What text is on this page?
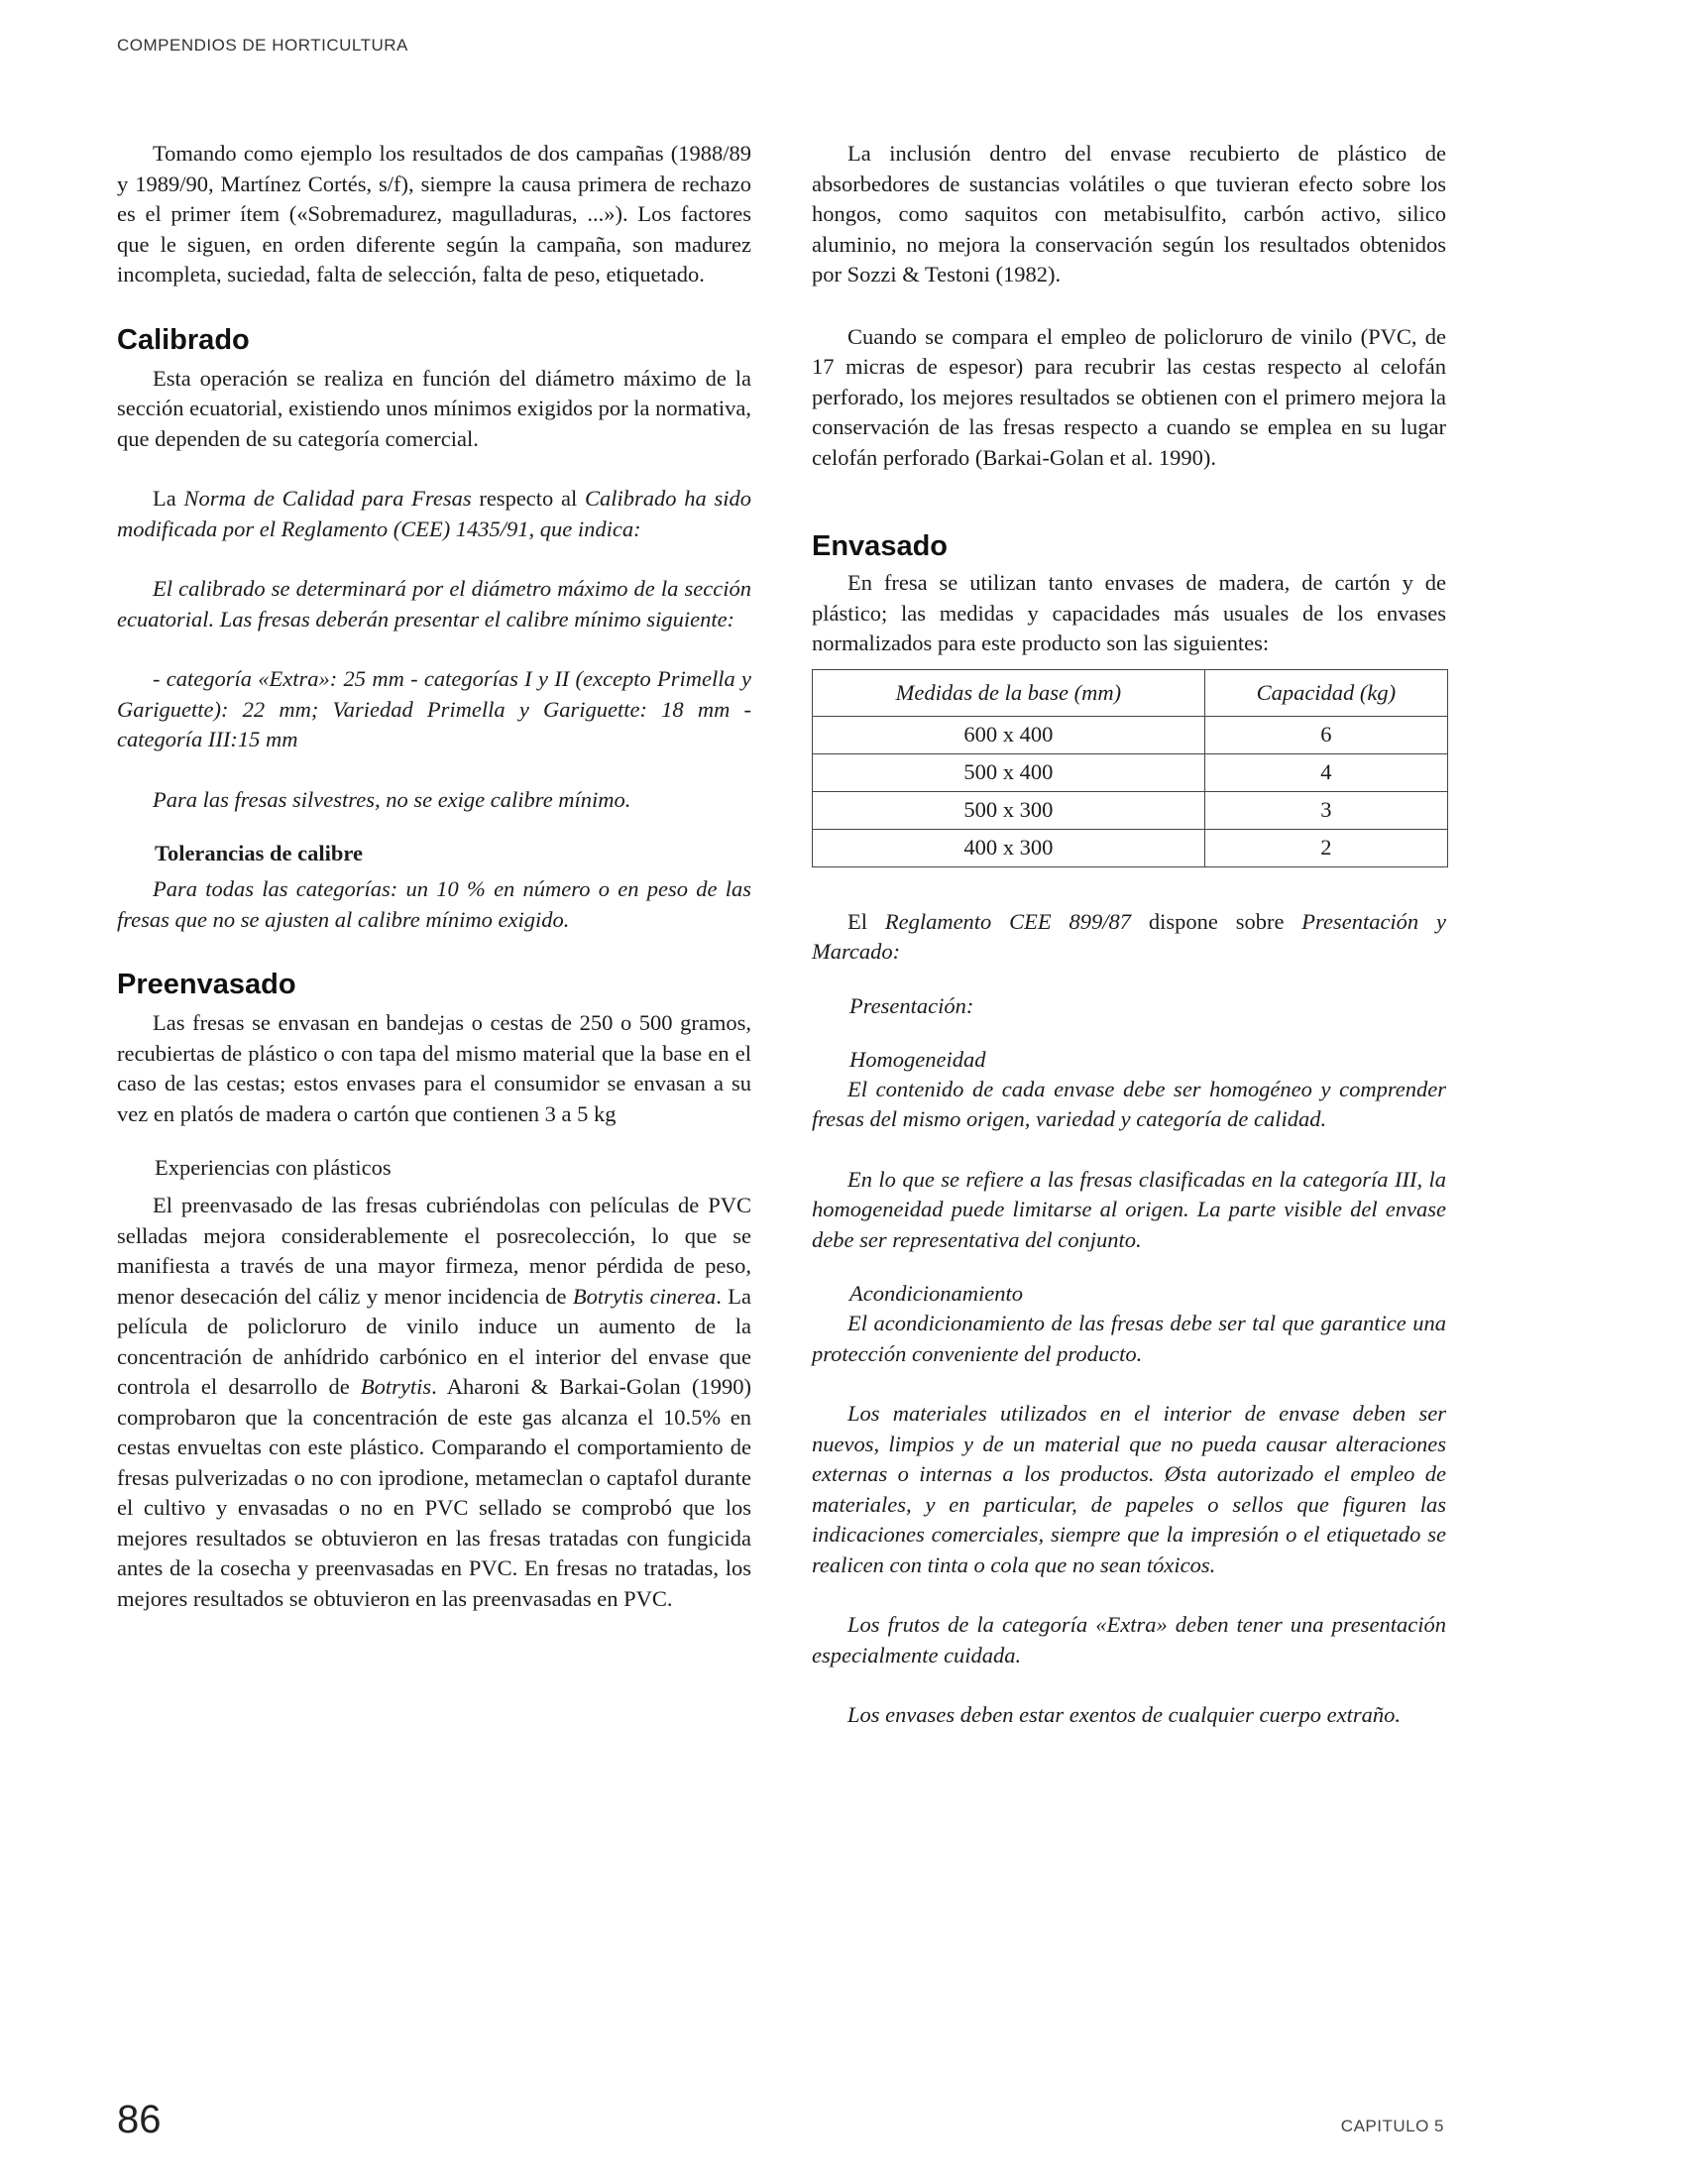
COMPENDIOS DE HORTICULTURA

Tomando como ejemplo los resultados de dos campañas (1988/89 y 1989/90, Martínez Cortés, s/f), siempre la causa primera de rechazo es el primer ítem («Sobremadurez, magulladuras, ...»). Los factores que le siguen, en orden diferente según la campaña, son madurez incompleta, suciedad, falta de selección, falta de peso, etiquetado.

Calibrado

Esta operación se realiza en función del diámetro máximo de la sección ecuatorial, existiendo unos mínimos exigidos por la normativa, que dependen de su categoría comercial.

La Norma de Calidad para Fresas respecto al Calibrado ha sido modificada por el Reglamento (CEE) 1435/91, que indica:

El calibrado se determinará por el diámetro máximo de la sección ecuatorial. Las fresas deberán presentar el calibre mínimo siguiente:

- categoría «Extra»: 25 mm - categorías I y II (excepto Primella y Gariguette): 22 mm; Variedad Primella y Gariguette: 18 mm - categoría III:15 mm

Para las fresas silvestres, no se exige calibre mínimo.

Tolerancias de calibre

Para todas las categorías: un 10 % en número o en peso de las fresas que no se ajusten al calibre mínimo exigido.

Preenvasado

Las fresas se envasan en bandejas o cestas de 250 o 500 gramos, recubiertas de plástico o con tapa del mismo material que la base en el caso de las cestas; estos envases para el consumidor se envasan a su vez en platós de madera o cartón que contienen 3 a 5 kg

Experiencias con plásticos

El preenvasado de las fresas cubriéndolas con películas de PVC selladas mejora considerablemente el posrecolección, lo que se manifiesta a través de una mayor firmeza, menor pérdida de peso, menor desecación del cáliz y menor incidencia de Botrytis cinerea. La película de policloruro de vinilo induce un aumento de la concentración de anhídrido carbónico en el interior del envase que controla el desarrollo de Botrytis. Aharoni & Barkai-Golan (1990) comprobaron que la concentración de este gas alcanza el 10.5% en cestas envueltas con este plástico. Comparando el comportamiento de fresas pulverizadas o no con iprodione, metameclan o captafol durante el cultivo y envasadas o no en PVC sellado se comprobó que los mejores resultados se obtuvieron en las fresas tratadas con fungicida antes de la cosecha y preenvasadas en PVC. En fresas no tratadas, los mejores resultados se obtuvieron en las preenvasadas en PVC.

La inclusión dentro del envase recubierto de plástico de absorbedores de sustancias volátiles o que tuvieran efecto sobre los hongos, como saquitos con metabisulfito, carbón activo, silico aluminio, no mejora la conservación según los resultados obtenidos por Sozzi & Testoni (1982).

Cuando se compara el empleo de policloruro de vinilo (PVC, de 17 micras de espesor) para recubrir las cestas respecto al celofán perforado, los mejores resultados se obtienen con el primero mejora la conservación de las fresas respecto a cuando se emplea en su lugar celofán perforado (Barkai-Golan et al. 1990).

Envasado

En fresa se utilizan tanto envases de madera, de cartón y de plástico; las medidas y capacidades más usuales de los envases normalizados para este producto son las siguientes:

Medidas de la base (mm)	Capacidad (kg)
600 x 400	6
500 x 400	4
500 x 300	3
400 x 300	2

El Reglamento CEE 899/87 dispone sobre Presentación y Marcado:

Presentación:
Homogeneidad

El contenido de cada envase debe ser homogéneo y comprender fresas del mismo origen, variedad y categoría de calidad.

En lo que se refiere a las fresas clasificadas en la categoría III, la homogeneidad puede limitarse al origen. La parte visible del envase debe ser representativa del conjunto.

Acondicionamiento

El acondicionamiento de las fresas debe ser tal que garantice una protección conveniente del producto.

Los materiales utilizados en el interior de envase deben ser nuevos, limpios y de un material que no pueda causar alteraciones externas o internas a los productos. Østa autorizado el empleo de materiales, y en particular, de papeles o sellos que figuren las indicaciones comerciales, siempre que la impresión o el etiquetado se realicen con tinta o cola que no sean tóxicos.

Los frutos de la categoría «Extra» deben tener una presentación especialmente cuidada.

Los envases deben estar exentos de cualquier cuerpo extraño.

86	CAPITULO 5
